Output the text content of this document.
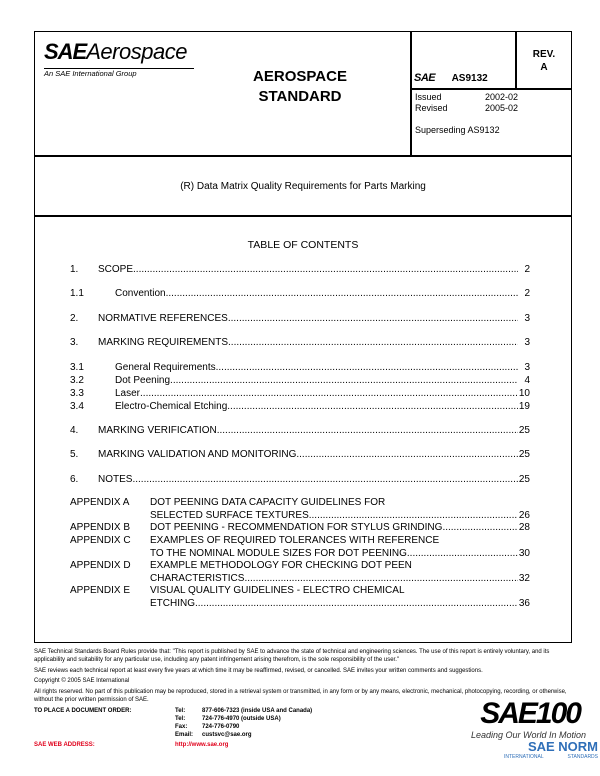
SAEAerospace
An SAE International Group	AEROSPACE
STANDARD
SAE AS9132
REV.
A
Issued	2002-02
Revised	2005-02
Superseding AS9132
(R) Data Matrix Quality Requirements for Parts Marking
TABLE OF CONTENTS
1. SCOPE .....	2
1.1	Convention .....	2
2. NORMATIVE REFERENCES .....	3
3. MARKING REQUIREMENTS .....	3
3.1	General Requirements .....	3
3.2	Dot Peening .....	4
3.3	Laser .....	10
3.4	Electro-Chemical Etching .....	19
4. MARKING VERIFICATION .....	25
5. MARKING VALIDATION AND MONITORING .....	25
6. NOTES .....	25
APPENDIX A DOT PEENING DATA CAPACITY GUIDELINES FOR
SELECTED SURFACE TEXTURES .....	26
APPENDIX B DOT PEENING - RECOMMENDATION FOR STYLUS GRINDING .....	28
APPENDIX C EXAMPLES OF REQUIRED TOLERANCES WITH REFERENCE
TO THE NOMINAL MODULE SIZES FOR DOT PEENING .....	30
APPENDIX D EXAMPLE METHODOLOGY FOR CHECKING DOT PEEN
CHARACTERISTICS .....	32
APPENDIX E VISUAL QUALITY GUIDELINES - ELECTRO CHEMICAL
ETCHING .....	36
SAE Technical Standards Board Rules provide that: "This report is published by SAE to advance the state of technical and engineering sciences. The use of this report is entirely voluntary, and its applicability and suitability for any particular use, including any patent infringement arising therefrom, is the sole responsibility of the user."
SAE reviews each technical report at least every five years at which time it may be reaffirmed, revised, or cancelled. SAE invites your written comments and suggestions.
Copyright © 2005 SAE International
All rights reserved. No part of this publication may be reproduced, stored in a retrieval system or transmitted, in any form or by any means, electronic, mechanical, photocopying, recording, or otherwise, without the prior written permission of SAE.
TO PLACE A DOCUMENT ORDER:	Tel:	877-606-7323 (inside USA and Canada)
Tel:	724-776-4970 (outside USA)
Fax: 724-776-0790
Email: custsvc@sae.org
SAE WEB ADDRESS:	http://www.sae.org
SAE100
Leading Our World In Motion
SAE NORM
INTERNATIONAL	STANDARDS
